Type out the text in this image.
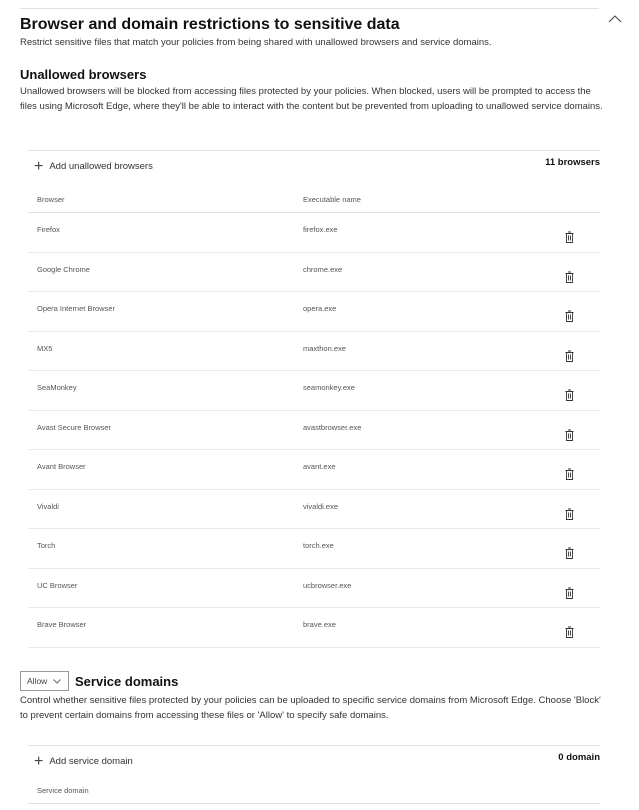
Browser and domain restrictions to sensitive data
Restrict sensitive files that match your policies from being shared with unallowed browsers and service domains.
Unallowed browsers
Unallowed browsers will be blocked from accessing files protected by your policies. When blocked, users will be prompted to access the files using Microsoft Edge, where they'll be able to interact with the content but be prevented from uploading to unallowed service domains.
+ Add unallowed browsers	11 browsers
Browser	Executable name
Firefox	firefox.exe
Google Chrome	chrome.exe
Opera Internet Browser	opera.exe
MX5	maxthon.exe
SeaMonkey	seamonkey.exe
Avast Secure Browser	avastbrowser.exe
Avant Browser	avant.exe
Vivaldi	vivaldi.exe
Torch	torch.exe
UC Browser	ucbrowser.exe
Brave Browser	brave.exe
Allow Service domains
Control whether sensitive files protected by your policies can be uploaded to specific service domains from Microsoft Edge. Choose 'Block' to prevent certain domains from accessing these files or 'Allow' to specify safe domains.
+ Add service domain	0 domain
Service domain
